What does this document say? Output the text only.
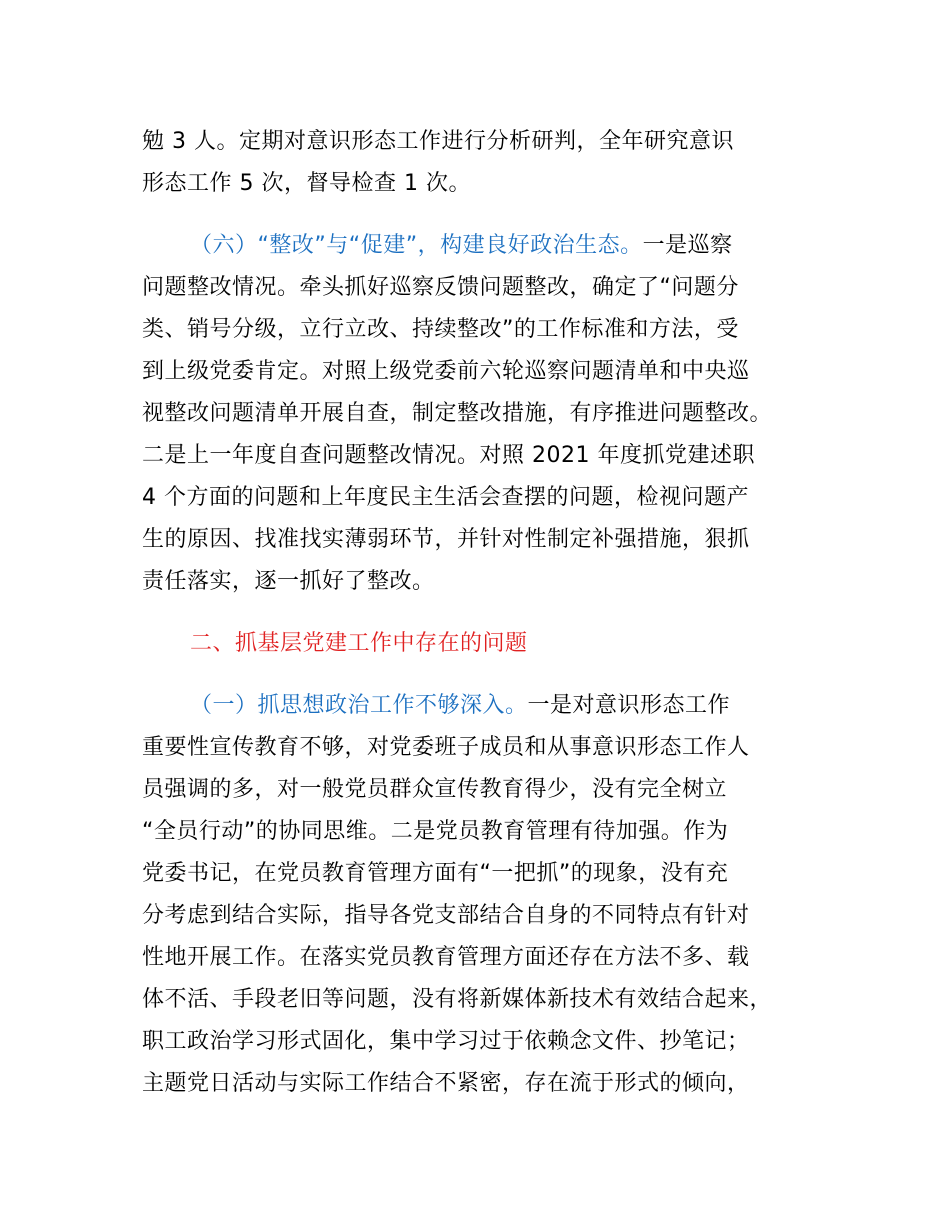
勉 3 人。定期对意识形态工作进行分析研判，全年研究意识
形态工作 5 次，督导检查 1 次。
（六）“整改”与“促建”，构建良好政治生态。一是巡察
问题整改情况。牵头抓好巡察反馈问题整改，确定了“问题分
类、销号分级，立行立改、持续整改”的工作标准和方法，受
到上级党委肯定。对照上级党委前六轮巡察问题清单和中央巡
视整改问题清单开展自查，制定整改措施，有序推进问题整改。
二是上一年度自查问题整改情况。对照 2021 年度抓党建述职
4 个方面的问题和上年度民主生活会查摆的问题，检视问题产
生的原因、找准找实薄弱环节，并针对性制定补强措施，狠抓
责任落实，逐一抓好了整改。
二、抓基层党建工作中存在的问题
（一）抓思想政治工作不够深入。一是对意识形态工作
重要性宣传教育不够，对党委班子成员和从事意识形态工作人
员强调的多，对一般党员群众宣传教育得少，没有完全树立
“全员行动”的协同思维。二是党员教育管理有待加强。作为
党委书记，在党员教育管理方面有“一把抓”的现象，没有充
分考虑到结合实际，指导各党支部结合自身的不同特点有针对
性地开展工作。在落实党员教育管理方面还存在方法不多、载
体不活、手段老旧等问题，没有将新媒体新技术有效结合起来，
职工政治学习形式固化，集中学习过于依赖念文件、抄笔记；
主题党日活动与实际工作结合不紧密，存在流于形式的倾向，
